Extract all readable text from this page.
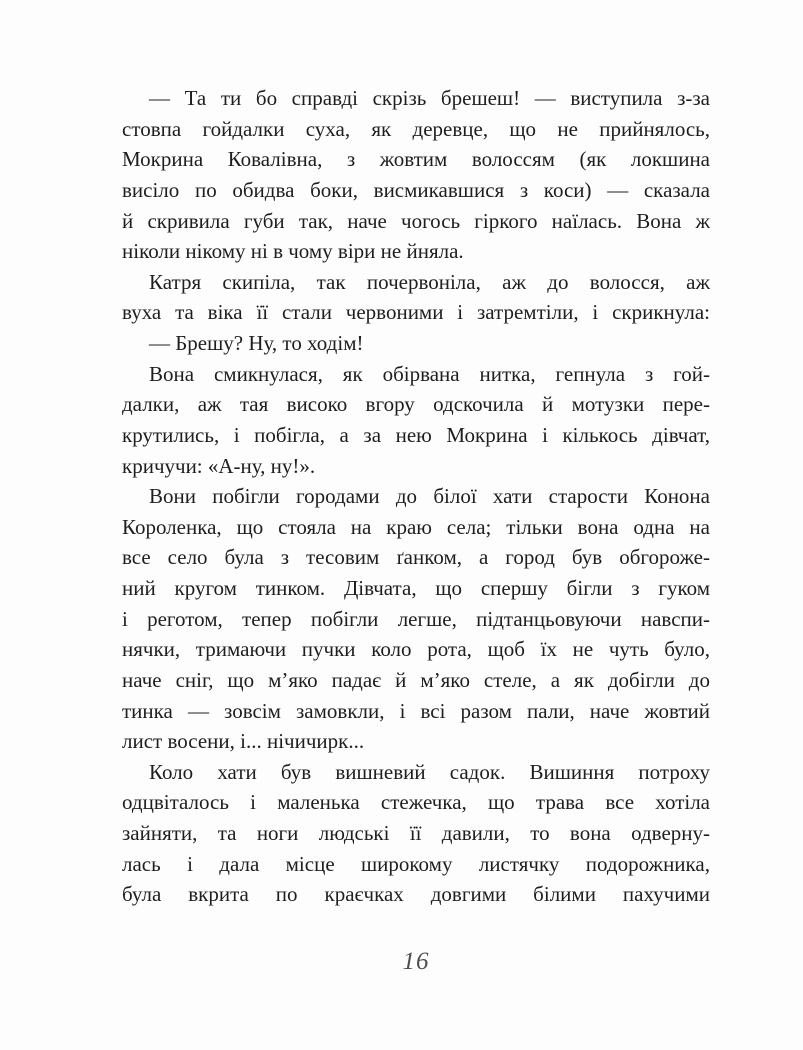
— Та ти бо справді скрізь брешеш! — виступила з-за
стовпа гойдалки суха, як деревце, що не прийнялось,
Мокрина Ковалівна, з жовтим волоссям (як локшина
висіло по обидва боки, висмикавшися з коси) — сказала
й скривила губи так, наче чогось гіркого наїлась. Вона ж
ніколи нікому ні в чому віри не йняла.
Катря скипіла, так почервоніла, аж до волосся, аж
вуха та віка її стали червоними і затремтіли, і скрикнула:
— Брешу? Ну, то ходім!
Вона смикнулася, як обірвана нитка, гепнула з гой-
далки, аж тая високо вгору одскочила й мотузки пере-
крутились, і побігла, а за нею Мокрина і кількось дівчат,
кричучи: «А-ну, ну!».
Вони побігли городами до білої хати старости Конона
Короленка, що стояла на краю села; тільки вона одна на
все село була з тесовим ґанком, а город був обгороже-
ний кругом тинком. Дівчата, що спершу бігли з гуком
і реготом, тепер побігли легше, підтанцьовуючи навспи-
нячки, тримаючи пучки коло рота, щоб їх не чуть було,
наче сніг, що м’яко падає й м’яко стеле, а як добігли до
тинка — зовсім замовкли, і всі разом пали, наче жовтий
лист восени, і... нічичирк...
Коло хати був вишневий садок. Вишиння потроху
одцвіталось і маленька стежечка, що трава все хотіла
зайняти, та ноги людські її давили, то вона одверну-
лась і дала місце широкому листячку подорожника,
була вкрита по краєчках довгими білими пахучими
16
